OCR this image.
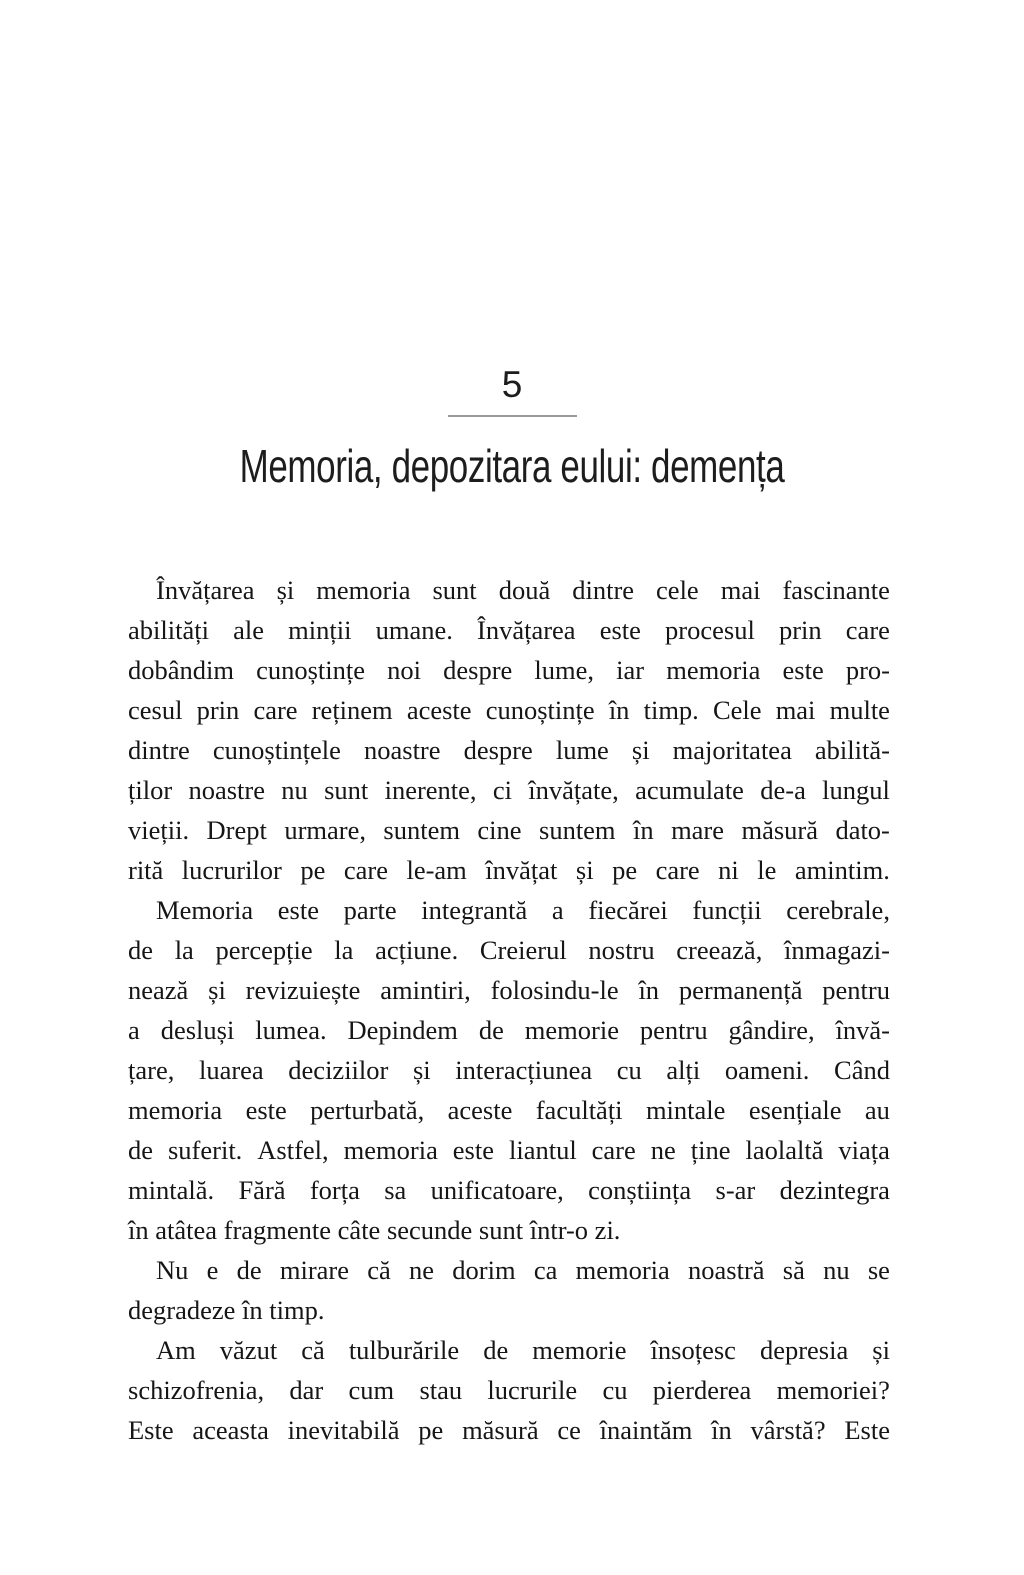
5
Memoria, depozitara eului: demența
Învățarea și memoria sunt două dintre cele mai fascinante
abilități ale minții umane. Învățarea este procesul prin care
dobândim cunoștințe noi despre lume, iar memoria este pro-
cesul prin care reținem aceste cunoștințe în timp. Cele mai multe
dintre cunoștințele noastre despre lume și majoritatea abilită-
ților noastre nu sunt inerente, ci învățate, acumulate de-a lungul
vieții. Drept urmare, suntem cine suntem în mare măsură dato-
rită lucrurilor pe care le-am învățat și pe care ni le amintim.
Memoria este parte integrantă a fiecărei funcții cerebrale,
de la percepție la acțiune. Creierul nostru creează, înmagazi-
nează și revizuiește amintiri, folosindu-le în permanență pentru
a desluși lumea. Depindem de memorie pentru gândire, învă-
țare, luarea deciziilor și interacțiunea cu alți oameni. Când
memoria este perturbată, aceste facultăți mintale esențiale au
de suferit. Astfel, memoria este liantul care ne ține laolaltă viața
mintală. Fără forța sa unificatoare, conștiința s-ar dezintegra
în atâtea fragmente câte secunde sunt într-o zi.
Nu e de mirare că ne dorim ca memoria noastră să nu se
degradeze în timp.
Am văzut că tulburările de memorie însoțesc depresia și
schizofrenia, dar cum stau lucrurile cu pierderea memoriei?
Este aceasta inevitabilă pe măsură ce înaintăm în vârstă? Este
